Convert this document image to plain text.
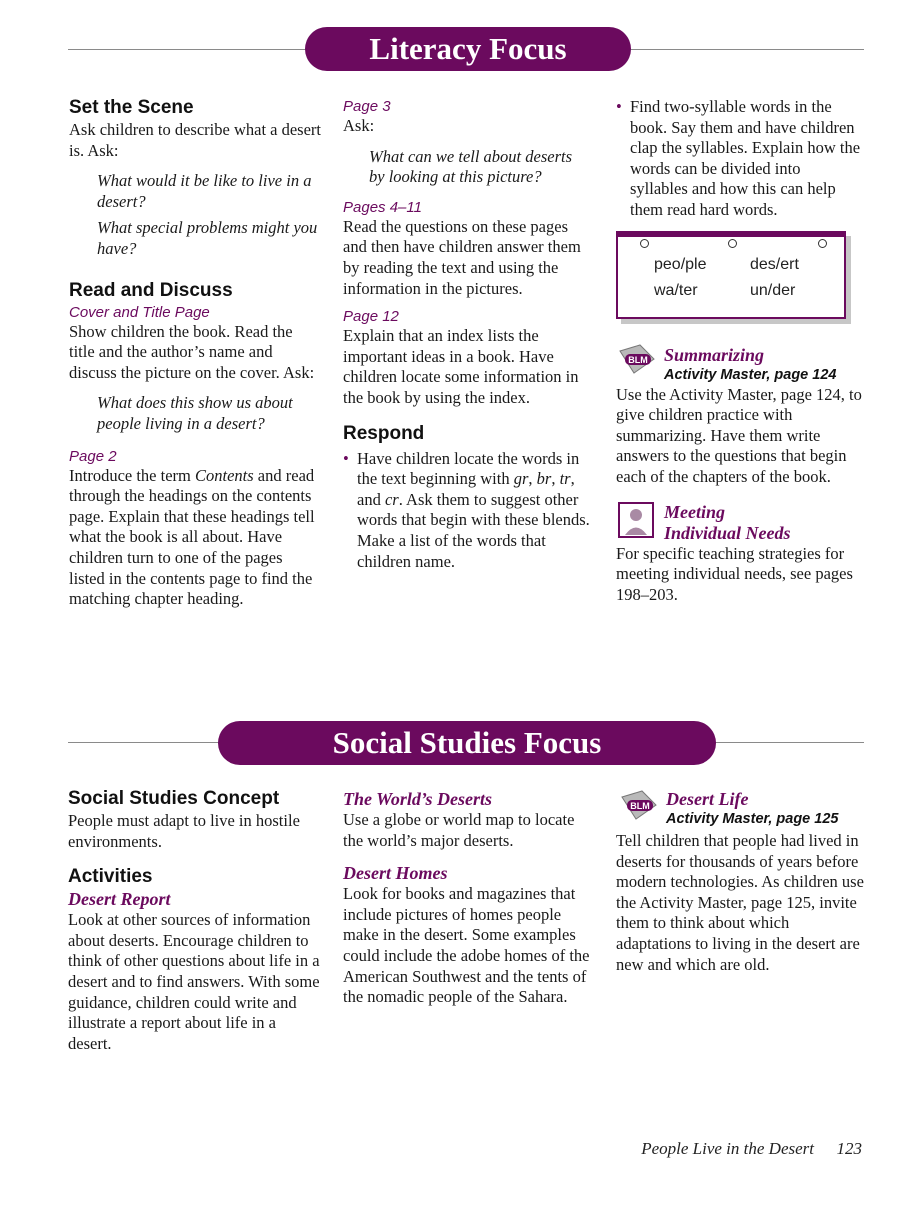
Literacy Focus
Set the Scene

Ask children to describe what a desert is. Ask:

What would it be like to live in a desert?

What special problems might you have?

Read and Discuss

Cover and Title Page

Show children the book. Read the title and the author’s name and discuss the picture on the cover. Ask:

What does this show us about people living in a desert?

Page 2

Introduce the term Contents and read through the headings on the contents page. Explain that these headings tell what the book is all about. Have children turn to one of the pages listed in the contents page to find the matching chapter heading.

Page 3

Ask:

What can we tell about deserts by looking at this picture?

Pages 4–11

Read the questions on these pages and then have children answer them by reading the text and using the information in the pictures.

Page 12

Explain that an index lists the important ideas in a book. Have children locate some information in the book by using the index.

Respond
• Have children locate the words in the text beginning with gr, br, tr, and cr. Ask them to suggest other words that begin with these blends. Make a list of the words that children name.
• Find two-syllable words in the book. Say them and have children clap the syllables. Explain how the words can be divided into syllables and how this can help them read hard words.
peo/ple	des/ert
wa/ter	un/der
BLM Summarizing
Activity Master, page 124

Use the Activity Master, page 124, to give children practice with summarizing. Have them write answers to the questions that begin each of the chapters of the book.

Meeting
Individual Needs

For specific teaching strategies for meeting individual needs, see pages 198–203.

Social Studies Focus
Social Studies Concept

People must adapt to live in hostile environments.

Activities

Desert Report

Look at other sources of information about deserts. Encourage children to think of other questions about life in a desert and to find answers. With some guidance, children could write and illustrate a report about life in a desert.

The World’s Deserts

Use a globe or world map to locate the world’s major deserts.

Desert Homes

Look for books and magazines that include pictures of homes people make in the desert. Some examples could include the adobe homes of the American Southwest and the tents of the nomadic people of the Sahara.

BLM Desert Life
Activity Master, page 125

Tell children that people had lived in deserts for thousands of years before modern technologies. As children use the Activity Master, page 125, invite them to think about which adaptations to living in the desert are new and which are old.

People Live in the Desert 123
